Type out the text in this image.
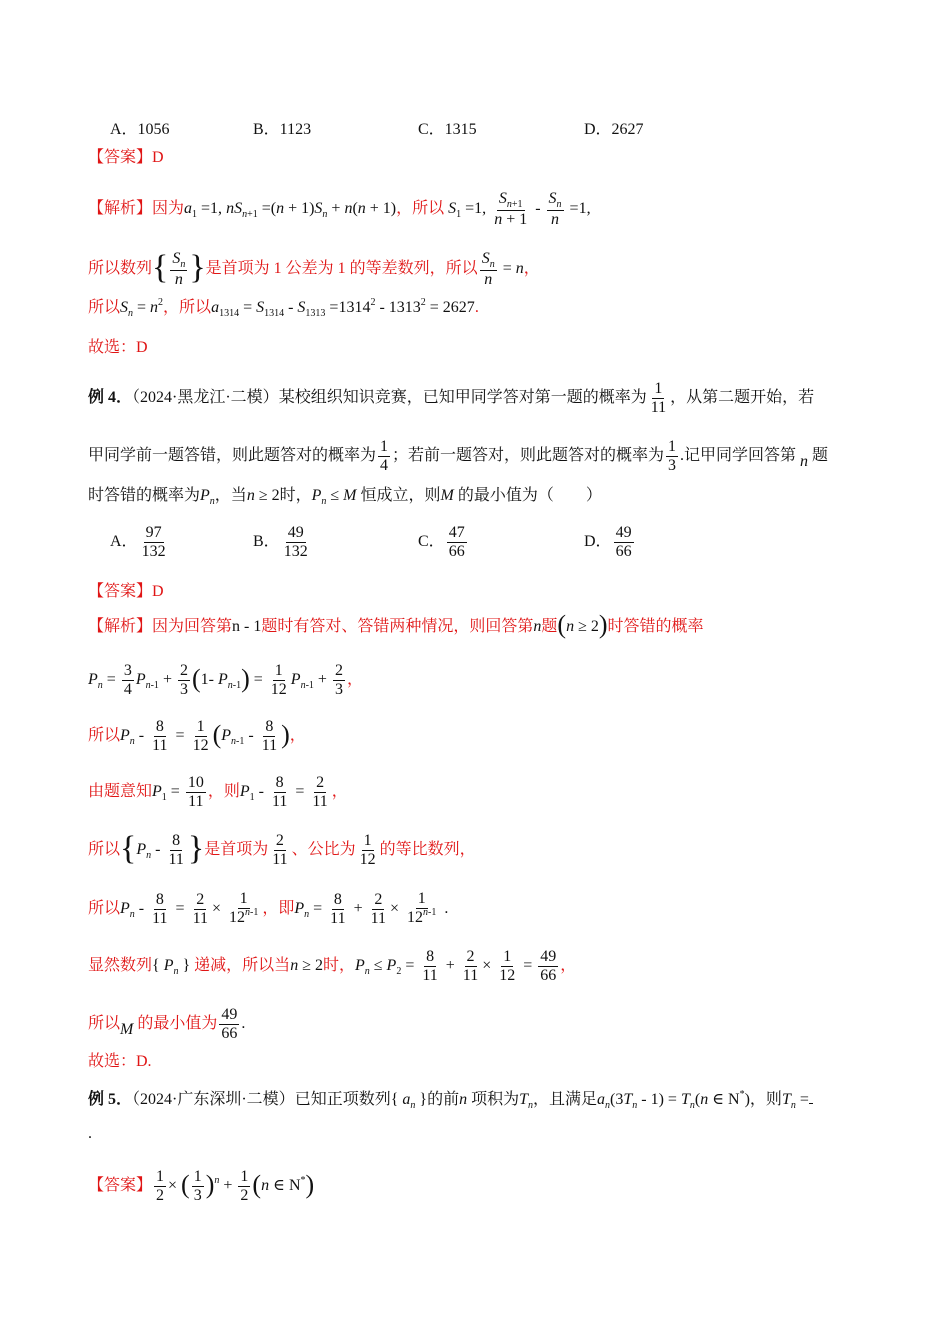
A．1056	B．1123	C．1315	D．2627
【答案】D
【解析】因为$a_1 =1$, $nS_{n+1} =(n + 1)S_n + n(n + 1)$，所以 $S_1 =1$, $\frac{S_{n+1}}{n + 1} - \frac{S_n}{n} =1$,
所以数列{ $\frac{S_n}{n}$ }是首项为 1 公差为 1 的等差数列，所以 $\frac{S_n}{n} = n$，
所以$S_n = n^2$，所以$a_{1314} = S_{1314} - S_{1313} =1314^2 - 1313^2 = 2627$.
故选：D
例 4．（2024·黑龙江·二模）某校组织知识竞赛，已知甲同学答对第一题的概率为 $\frac{1}{11}$ ，从第二题开始，若
甲同学前一题答错，则此题答对的概率为 $\frac{1}{4}$ ；若前一题答对，则此题答对的概率为 $\frac{1}{3}$ .记甲同学回答第 n 题
时答错的概率为$P_n$，当n ≥ 2时，$P_n \le M$ 恒成立，则M 的最小值为（　　）
A． $\frac{97}{132}$	B． $\frac{49}{132}$	C． $\frac{47}{66}$	D． $\frac{49}{66}$
【答案】D
【解析】因为回答第n - 1题时有答对、答错两种情况，则回答第n题(n ≥ 2)时答错的概率
$P_n = \frac{3}{4} P_{n-1} + \frac{2}{3} (1-$ $P_{n-1}) = \frac{1}{12} P_{n-1} + \frac{2}{3}$ ，
所以$P_n - \frac{8}{11} = \frac{1}{12} (P_{n-1} - \frac{8}{11}$ )，
由题意知$P_1 = \frac{10}{11}$ ，则$P_1 - \frac{8}{11} = \frac{2}{11}$ ，
所以{$P_n - \frac{8}{11}$ }是首项为 $\frac{2}{11}$ 、公比为 $\frac{1}{12}$ 的等比数列，
所以$P_n - \frac{8}{11} = \frac{2}{11} \times \frac{1}{12^{n-1}}$ ，即$P_n = \frac{8}{11} + \frac{2}{11} \times \frac{1}{12^{n-1}}$ .
显然数列{ $P_n$ } 递减，所以当n ≥ 2时，$P_n \le P_2 = \frac{8}{11} + \frac{2}{11} \times \frac{1}{12} = \frac{49}{66}$ ，
所以M 的最小值为 $\frac{49}{66}$ .
故选：D.
例 5．（2024·广东深圳·二模）已知正项数列{ $a_n$ }的前n 项积为$T_n$，且满足$a_n(3T_n - 1) = T_n(n$ ∈ N*)，则$T_n$ =
.
【答案】 $\frac{1}{2}$ × ( $\frac{1}{3} )^n + \frac{1}{2} (n$ ∈ N*)
